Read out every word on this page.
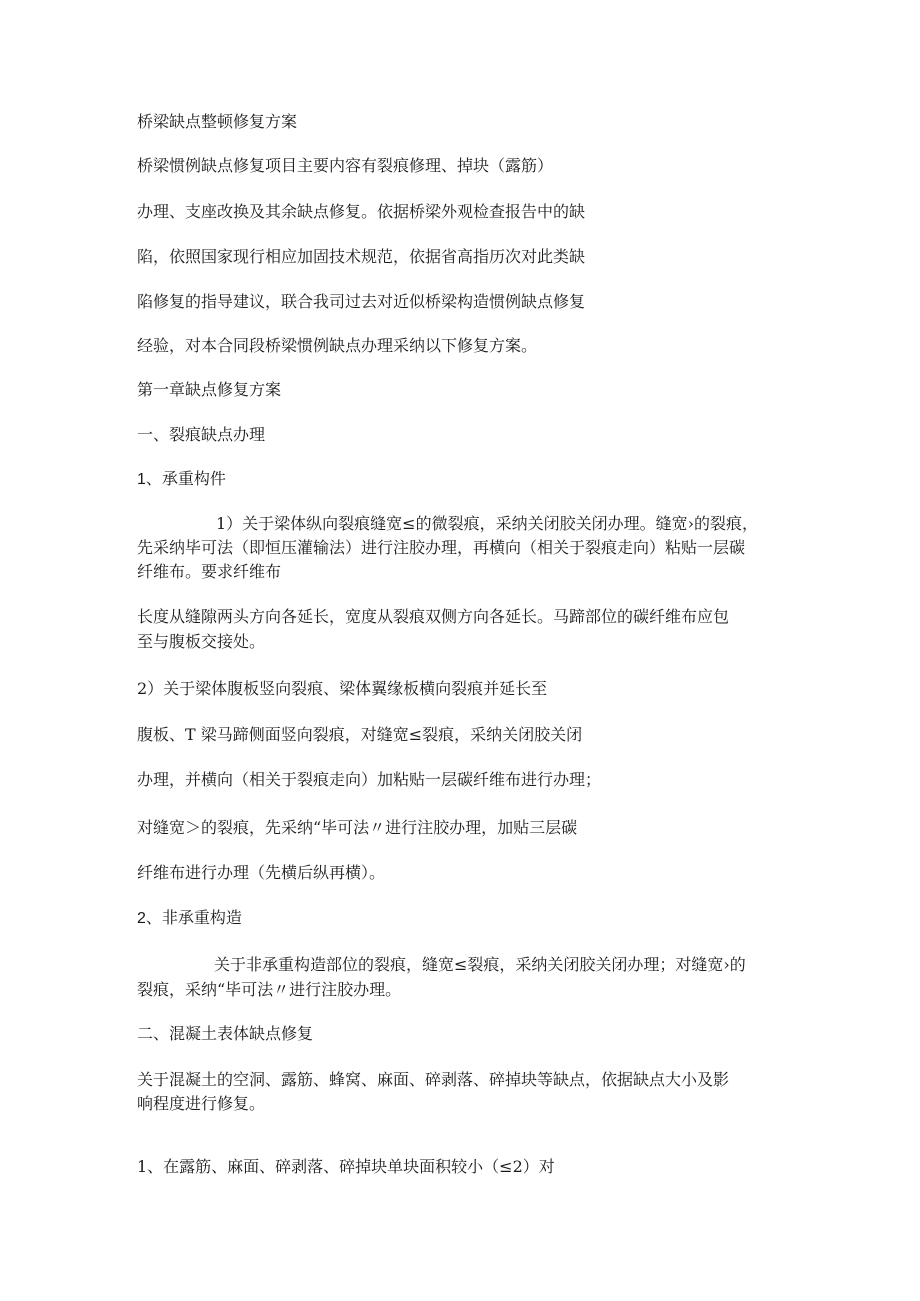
桥梁缺点整顿修复方案

桥梁惯例缺点修复项目主要内容有裂痕修理、掉块（露筋）

办理、支座改换及其余缺点修复。依据桥梁外观检查报告中的缺

陷，依照国家现行相应加固技术规范，依据省高指历次对此类缺

陷修复的指导建议，联合我司过去对近似桥梁构造惯例缺点修复

经验，对本合同段桥梁惯例缺点办理采纳以下修复方案。

第一章缺点修复方案

一、裂痕缺点办理

1、承重构件

1）关于梁体纵向裂痕缝宽≤的微裂痕，采纳关闭胶关闭办理。缝宽›的裂痕，

先采纳毕可法（即恒压灌输法）进行注胶办理，再横向（相关于裂痕走向）粘贴一层碳

纤维布。要求纤维布

长度从缝隙两头方向各延长，宽度从裂痕双侧方向各延长。马蹄部位的碳纤维布应包

至与腹板交接处。

2）关于梁体腹板竖向裂痕、梁体翼缘板横向裂痕并延长至

腹板、T 梁马蹄侧面竖向裂痕，对缝宽≤裂痕，采纳关闭胶关闭

办理，并横向（相关于裂痕走向）加粘贴一层碳纤维布进行办理；

对缝宽＞的裂痕，先采纳“毕可法〃进行注胶办理，加贴三层碳

纤维布进行办理（先横后纵再横）。

2、非承重构造

关于非承重构造部位的裂痕，缝宽≤裂痕，采纳关闭胶关闭办理；对缝宽›的

裂痕，采纳“毕可法〃进行注胶办理。

二、混凝土表体缺点修复

关于混凝土的空洞、露筋、蜂窝、麻面、碎剥落、碎掉块等缺点，依据缺点大小及影

响程度进行修复。

1、在露筋、麻面、碎剥落、碎掉块单块面积较小（≤2）对
